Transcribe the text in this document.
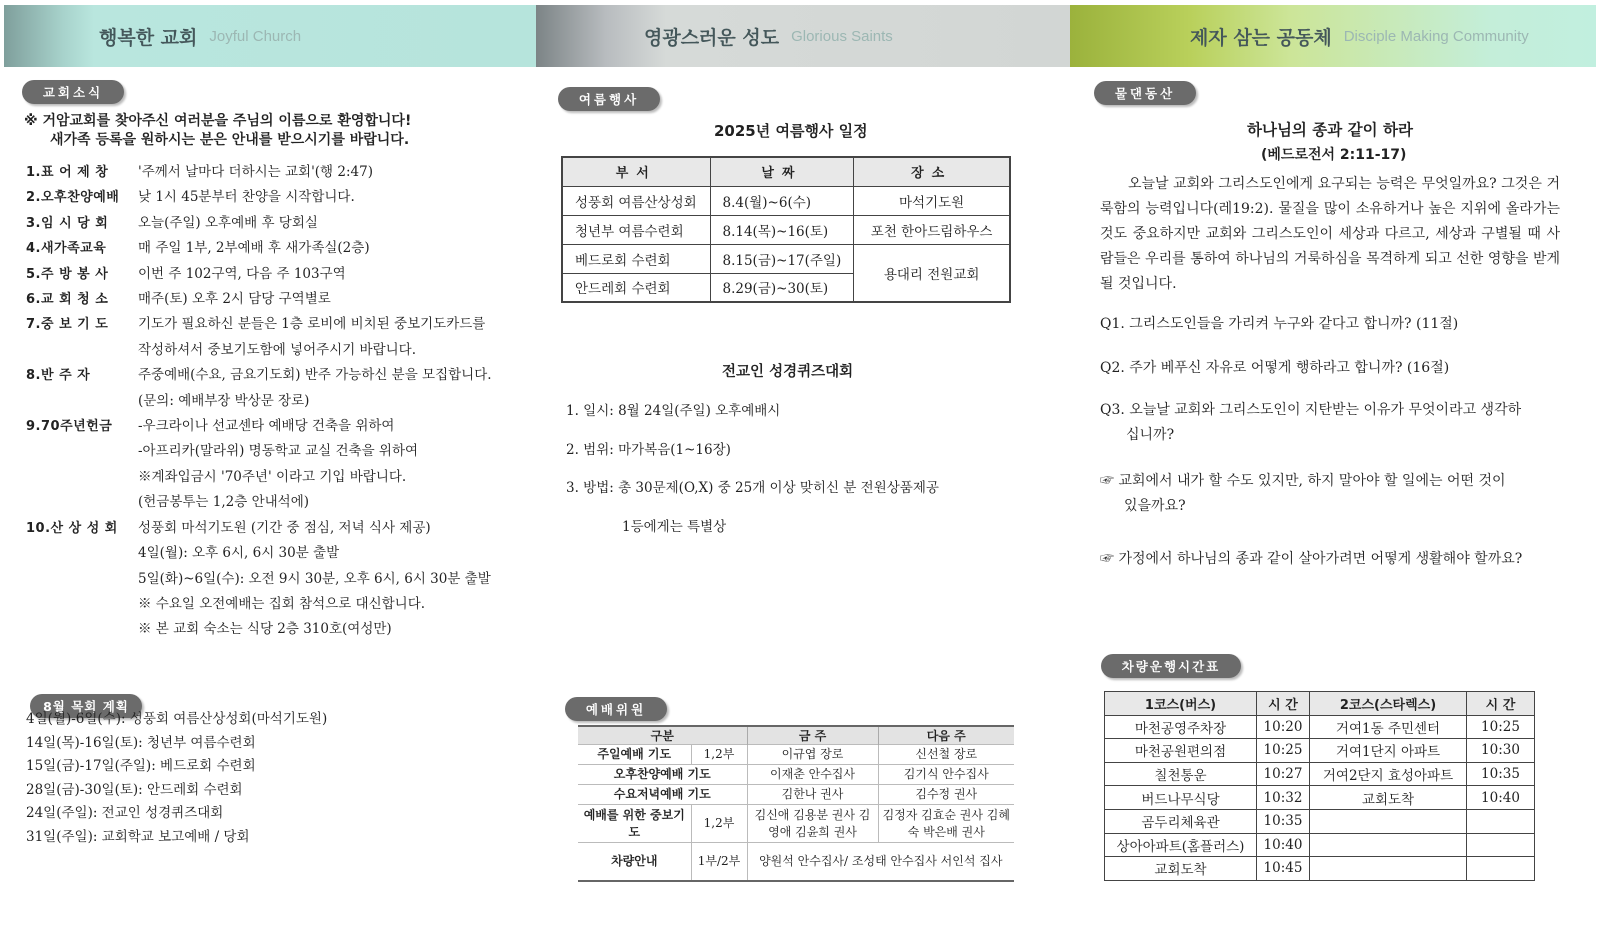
행복한 교회 Joyful Church	영광스러운 성도 Glorious Saints	제자 삼는 공동체 Disciple Making Community
교회소식
※ 거암교회를 찾아주신 여러분을 주님의 이름으로 환영합니다!
새가족 등록을 원하시는 분은 안내를 받으시기를 바랍니다.
1.표 어 제 창	'주께서 날마다 더하시는 교회'(행 2:47)
2.오후찬양예배	낮 1시 45분부터 찬양을 시작합니다.
3.임 시 당 회	오늘(주일) 오후예배 후 당회실
4.새가족교육	매 주일 1부, 2부예배 후 새가족실(2층)
5.주 방 봉 사	이번 주 102구역, 다음 주 103구역
6.교 회 청 소	매주(토) 오후 2시 담당 구역별로
7.중 보 기 도	기도가 필요하신 분들은 1층 로비에 비치된 중보기도카드를
작성하셔서 중보기도함에 넣어주시기 바랍니다.
8.반 주 자	주중예배(수요, 금요기도회) 반주 가능하신 분을 모집합니다.
(문의: 예배부장 박상문 장로)
9.70주년헌금	-우크라이나 선교센타 예배당 건축을 위하여
-아프리카(말라위) 명동학교 교실 건축을 위하여
※계좌입금시 '70주년' 이라고 기입 바랍니다.
(헌금봉투는 1,2층 안내석에)
10.산 상 성 회	성풍회 마석기도원 (기간 중 점심, 저녁 식사 제공)
4일(월): 오후 6시, 6시 30분 출발
5일(화)~6일(수): 오전 9시 30분, 오후 6시, 6시 30분 출발
※ 수요일 오전예배는 집회 참석으로 대신합니다.
※ 본 교회 숙소는 식당 2층 310호(여성만)
8월 목회 계획
4일(월)-6일(수): 성풍회 여름산상성회(마석기도원)
14일(목)-16일(토): 청년부 여름수련회
15일(금)-17일(주일): 베드로회 수련회
28일(금)-30일(토): 안드레회 수련회
24일(주일): 전교인 성경퀴즈대회
31일(주일): 교회학교 보고예배 / 당회
여름행사
2025년 여름행사 일정
부서	날짜	장소
성풍회 여름산상성회	8.4(월)~6(수)	마석기도원
청년부 여름수련회	8.14(목)~16(토)	포천 한아드림하우스
베드로회 수련회	8.15(금)~17(주일)	용대리 전원교회
안드레회 수련회	8.29(금)~30(토)	
전교인 성경퀴즈대회
1. 일시: 8월 24일(주일) 오후예배시
2. 범위: 마가복음(1~16장)
3. 방법: 총 30문제(O,X) 중 25개 이상 맞히신 분 전원상품제공
1등에게는 특별상
예배위원
구분		금 주	다음 주
주일예배 기도	1,2부	이규엽 장로	신선철 장로
오후찬양예배 기도		이재춘 안수집사	김기식 안수집사
수요저녁예배 기도		김한나 권사	김수정 권사
예배를 위한 중보기도	1,2부	김신애 김용분 권사 김영애 김윤희 권사	김정자 김효순 권사 김혜숙 박은배 권사
차량안내	1부/2부	양원석 안수집사/ 조성태 안수집사 서인석 집사	
물댄동산
하나님의 종과 같이 하라
(베드로전서 2:11-17)
오늘날 교회와 그리스도인에게 요구되는 능력은 무엇일까요? 그것은 거룩함의 능력입니다(레19:2). 물질을 많이 소유하거나 높은 지위에 올라가는 것도 중요하지만 교회와 그리스도인이 세상과 다르고, 세상과 구별될 때 사람들은 우리를 통하여 하나님의 거룩하심을 목격하게 되고 선한 영향을 받게 될 것입니다.
Q1. 그리스도인들을 가리켜 누구와 같다고 합니까? (11절)
Q2. 주가 베푸신 자유로 어떻게 행하라고 합니까? (16절)
Q3. 오늘날 교회와 그리스도인이 지탄받는 이유가 무엇이라고 생각하
십니까?
☞ 교회에서 내가 할 수도 있지만, 하지 말아야 할 일에는 어떤 것이
있을까요?
☞ 가정에서 하나님의 종과 같이 살아가려면 어떻게 생활해야 할까요?
차량운행시간표
1코스(버스)	시 간	2코스(스타렉스)	시 간
마천공영주차장	10:20	거여1동 주민센터	10:25
마천공원편의점	10:25	거여1단지 아파트	10:30
칠천통운	10:27	거여2단지 효성아파트	10:35
버드나무식당	10:32	교회도착	10:40
곰두리체육관	10:35		
상아아파트(홈플러스)	10:40		
교회도착	10:45		
